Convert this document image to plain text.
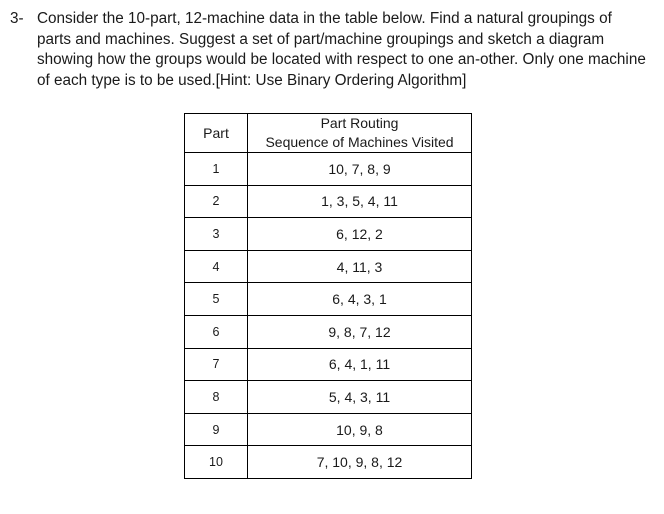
3- Consider the 10-part, 12-machine data in the table below. Find a natural groupings of parts and machines. Suggest a set of part/machine groupings and sketch a diagram showing how the groups would be located with respect to one an-other. Only one machine of each type is to be used.[Hint: Use Binary Ordering Algorithm]
Part	Part Routing
Sequence of Machines Visited

1	10, 7, 8, 9
2	1, 3, 5, 4, 11
3	6, 12, 2
4	4, 11, 3
5	6, 4, 3, 1
6	9, 8, 7, 12
7	6, 4, 1, 11
8	5, 4, 3, 11
9	10, 9, 8
10	7, 10, 9, 8, 12
